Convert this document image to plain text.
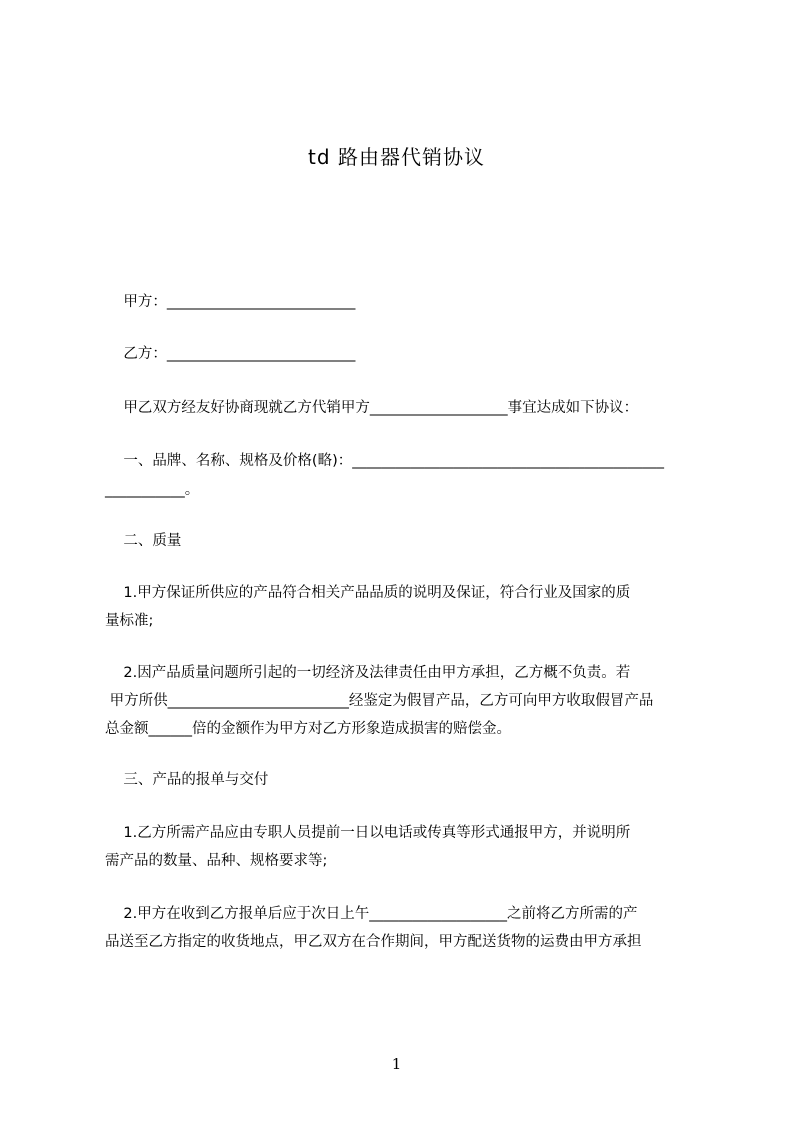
td 路由器代销协议
甲方：__________________________
乙方：__________________________
甲乙双方经友好协商现就乙方代销甲方___________________事宜达成如下协议：
一、品牌、名称、规格及价格(略)：___________________________________________
___________。
二、质量
1.甲方保证所供应的产品符合相关产品品质的说明及保证，符合行业及国家的质
量标准;
2.因产品质量问题所引起的一切经济及法律责任由甲方承担，乙方概不负责。若
甲方所供_________________________经鉴定为假冒产品，乙方可向甲方收取假冒产品
总金额______倍的金额作为甲方对乙方形象造成损害的赔偿金。
三、产品的报单与交付
1.乙方所需产品应由专职人员提前一日以电话或传真等形式通报甲方，并说明所
需产品的数量、品种、规格要求等;
2.甲方在收到乙方报单后应于次日上午___________________之前将乙方所需的产
品送至乙方指定的收货地点，甲乙双方在合作期间，甲方配送货物的运费由甲方承担
1
